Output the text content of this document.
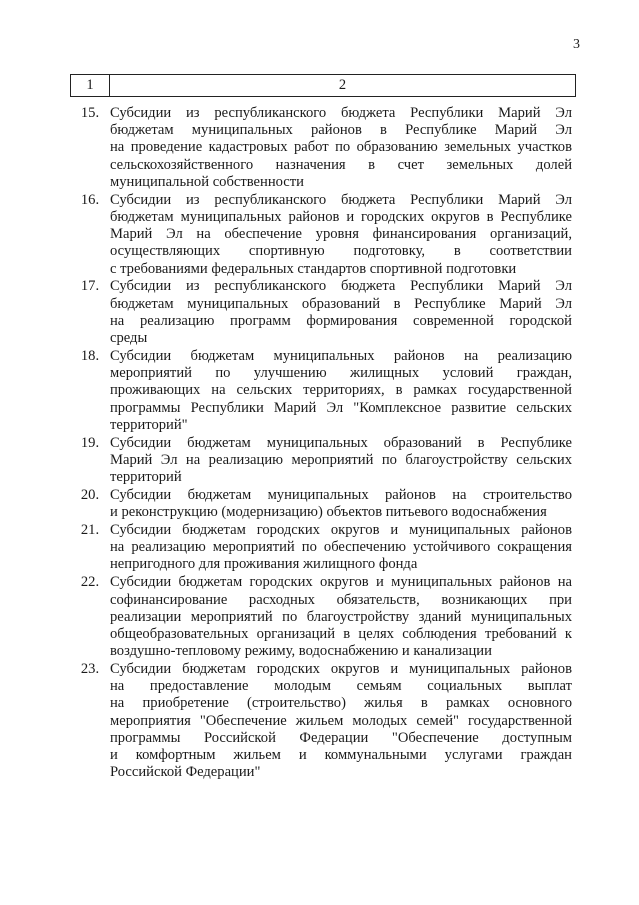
3
1	2
15. Субсидии из республиканского бюджета Республики Марий Эл
бюджетам муниципальных районов в Республике Марий Эл
на проведение кадастровых работ по образованию земельных участков
сельскохозяйственного назначения в счет земельных долей
муниципальной собственности
16. Субсидии из республиканского бюджета Республики Марий Эл
бюджетам муниципальных районов и городских округов в Республике
Марий Эл на обеспечение уровня финансирования организаций,
осуществляющих спортивную подготовку, в соответствии
с требованиями федеральных стандартов спортивной подготовки
17. Субсидии из республиканского бюджета Республики Марий Эл
бюджетам муниципальных образований в Республике Марий Эл
на реализацию программ формирования современной городской
среды
18. Субсидии бюджетам муниципальных районов на реализацию
мероприятий по улучшению жилищных условий граждан,
проживающих на сельских территориях, в рамках государственной
программы Республики Марий Эл "Комплексное развитие сельских
территорий"
19. Субсидии бюджетам муниципальных образований в Республике
Марий Эл на реализацию мероприятий по благоустройству сельских
территорий
20. Субсидии бюджетам муниципальных районов на строительство
и реконструкцию (модернизацию) объектов питьевого водоснабжения
21. Субсидии бюджетам городских округов и муниципальных районов
на реализацию мероприятий по обеспечению устойчивого сокращения
непригодного для проживания жилищного фонда
22. Субсидии бюджетам городских округов и муниципальных районов на
софинансирование расходных обязательств, возникающих при
реализации мероприятий по благоустройству зданий муниципальных
общеобразовательных организаций в целях соблюдения требований к
воздушно-тепловому режиму, водоснабжению и канализации
23. Субсидии бюджетам городских округов и муниципальных районов
на предоставление молодым семьям социальных выплат
на приобретение (строительство) жилья в рамках основного
мероприятия "Обеспечение жильем молодых семей" государственной
программы Российской Федерации "Обеспечение доступным
и комфортным жильем и коммунальными услугами граждан
Российской Федерации"
